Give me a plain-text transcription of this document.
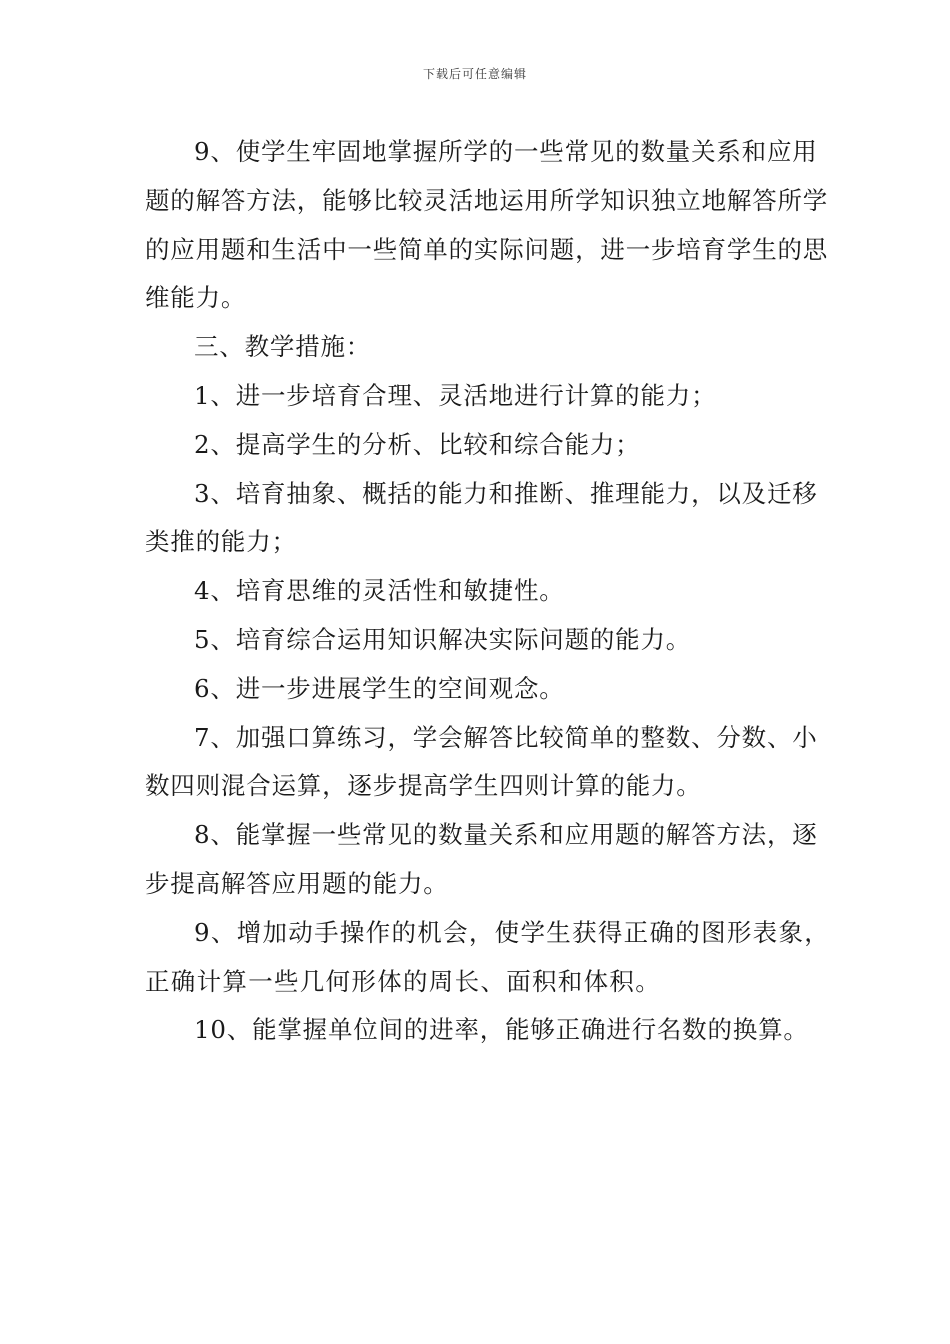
下载后可任意编辑

9、使学生牢固地掌握所学的一些常见的数量关系和应用题的解答方法，能够比较灵活地运用所学知识独立地解答所学的应用题和生活中一些简单的实际问题，进一步培育学生的思维能力。

三、教学措施：

1、进一步培育合理、灵活地进行计算的能力；

2、提高学生的分析、比较和综合能力；

3、培育抽象、概括的能力和推断、推理能力，以及迁移类推的能力；

4、培育思维的灵活性和敏捷性。

5、培育综合运用知识解决实际问题的能力。

6、进一步进展学生的空间观念。

7、加强口算练习，学会解答比较简单的整数、分数、小数四则混合运算，逐步提高学生四则计算的能力。

8、能掌握一些常见的数量关系和应用题的解答方法，逐步提高解答应用题的能力。

9、增加动手操作的机会，使学生获得正确的图形表象，正确计算一些几何形体的周长、面积和体积。

10、能掌握单位间的进率，能够正确进行名数的换算。
